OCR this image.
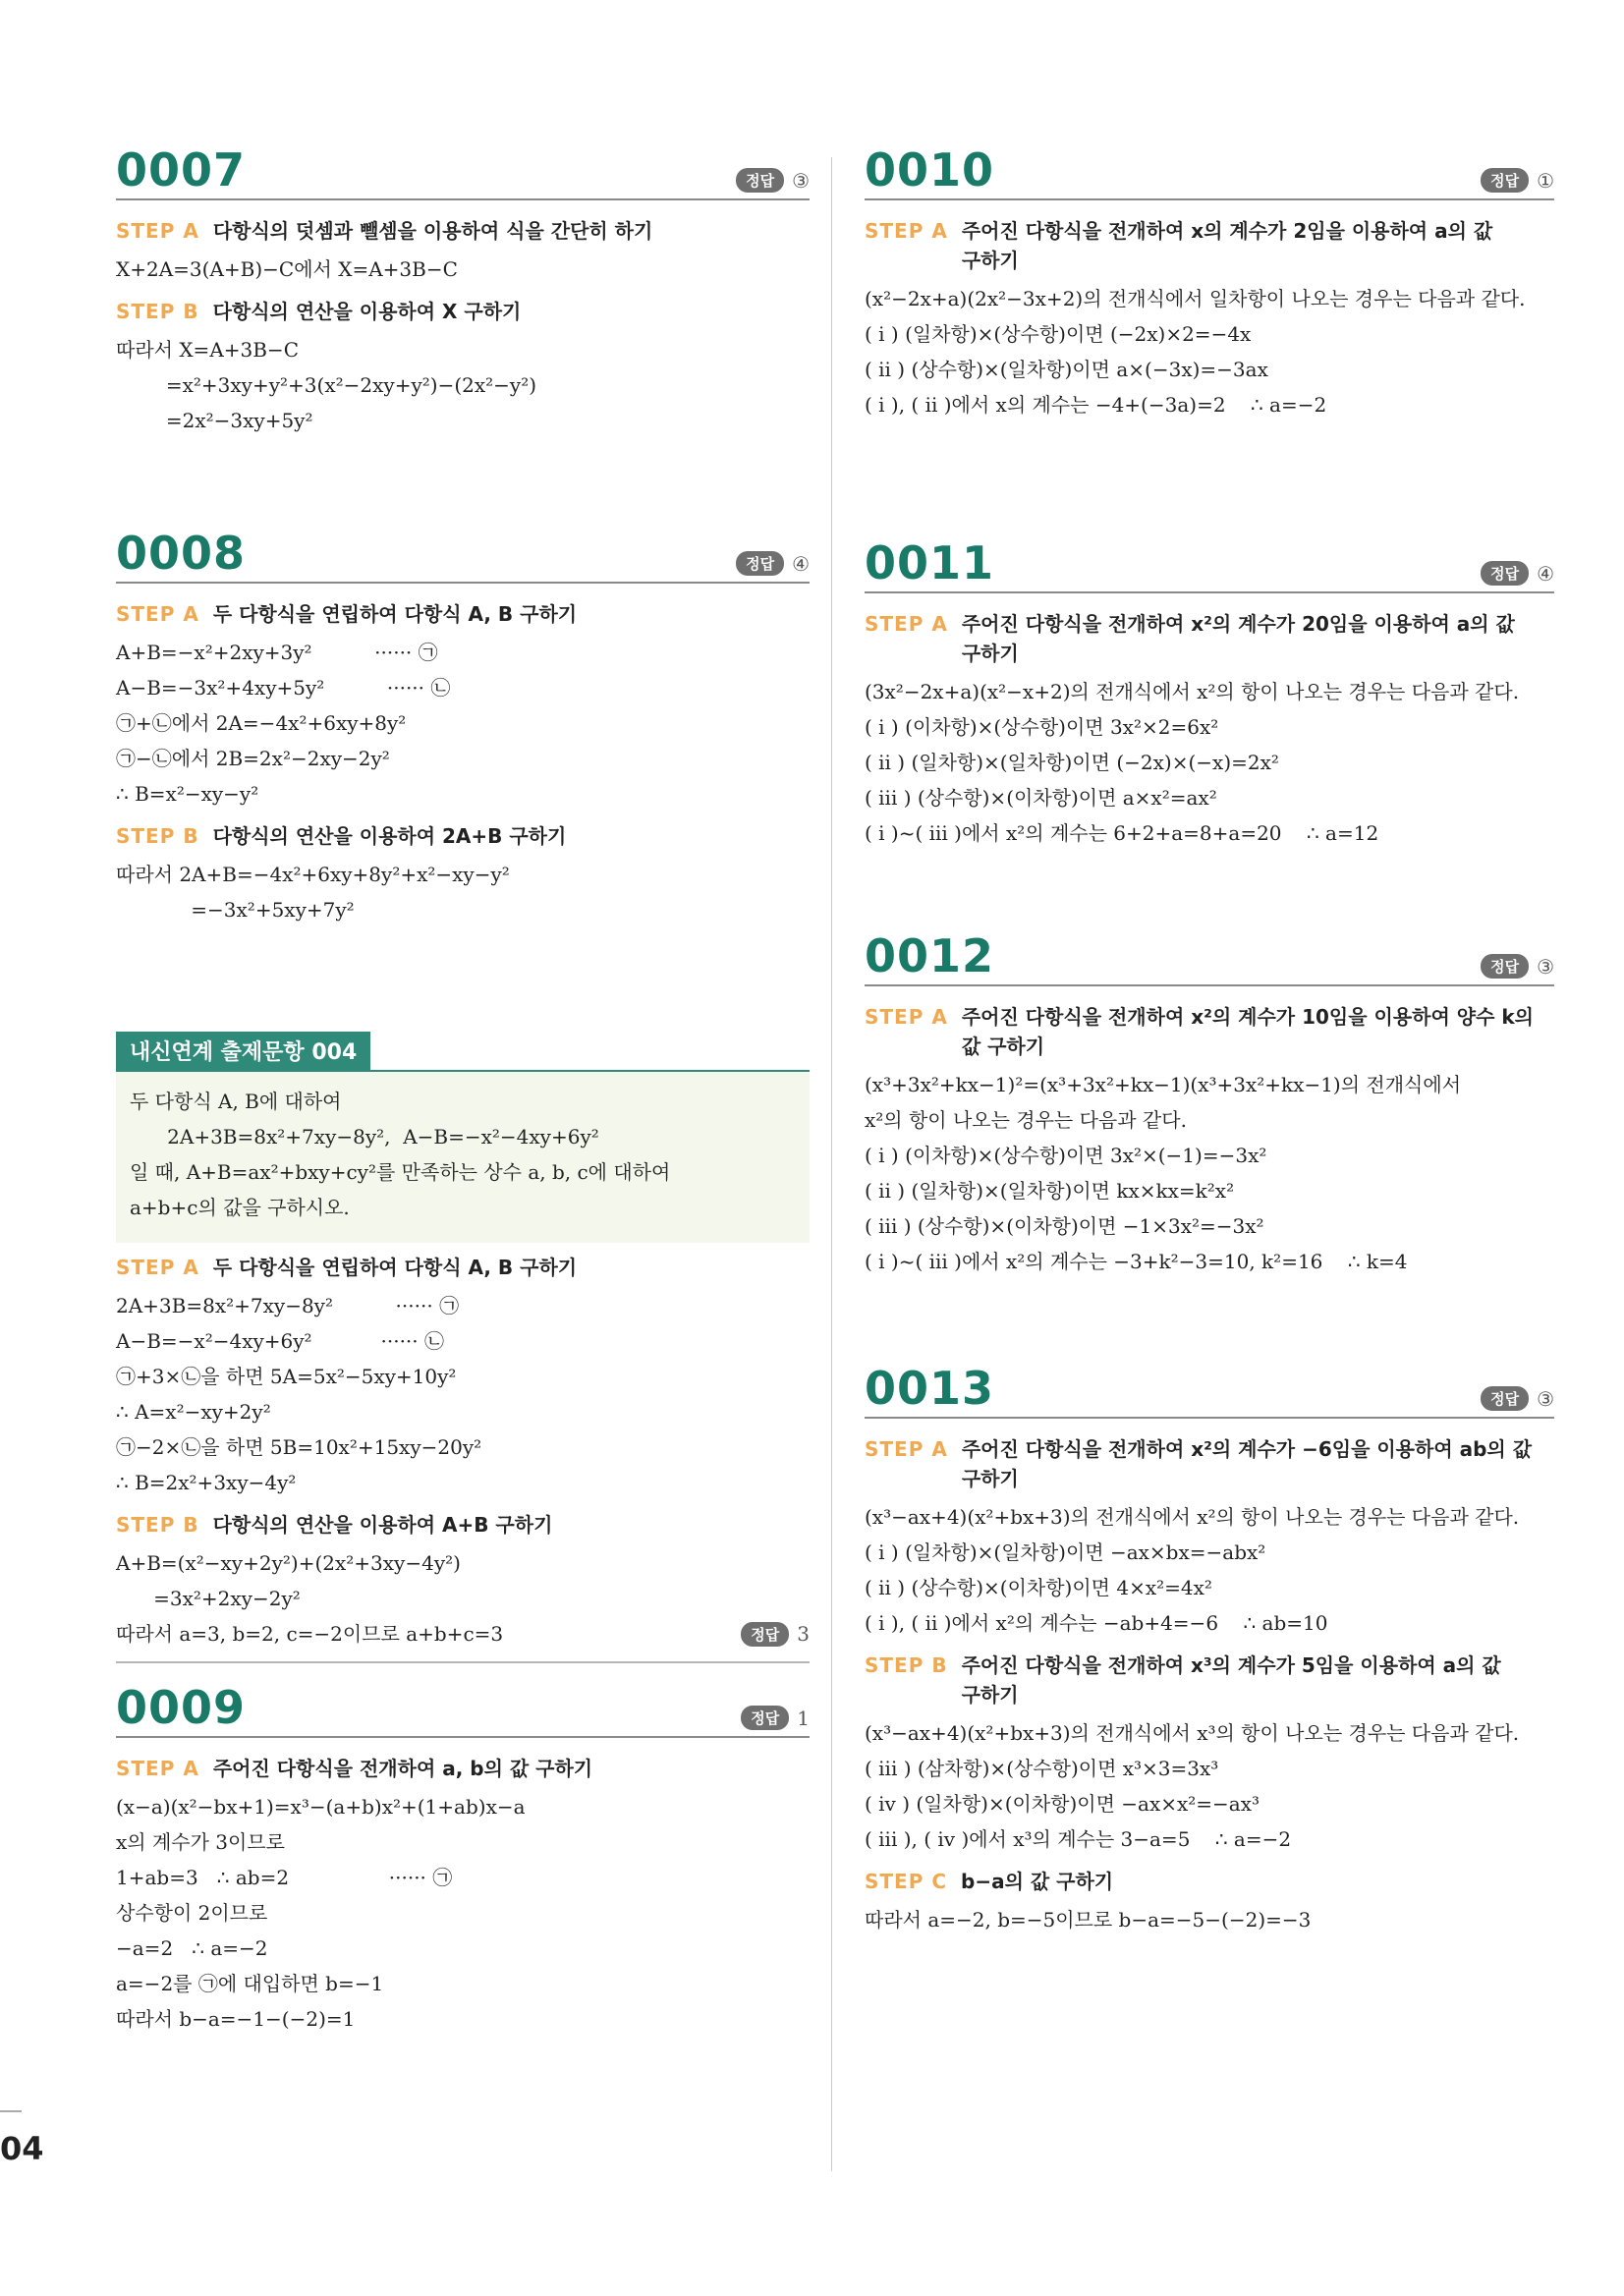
0007	정답 ③
STEP A 다항식의 덧셈과 뺄셈을 이용하여 식을 간단히 하기
X+2A=3(A+B)−C에서 X=A+3B−C
STEP B 다항식의 연산을 이용하여 X 구하기
따라서 X=A+3B−C
=x²+3xy+y²+3(x²−2xy+y²)−(2x²−y²)
=2x²−3xy+5y²
0008	정답 ④
STEP A 두 다항식을 연립하여 다항식 A, B 구하기
A+B=−x²+2xy+3y²          ······ ㉠
A−B=−3x²+4xy+5y²          ······ ㉡
㉠+㉡에서 2A=−4x²+6xy+8y²
㉠−㉡에서 2B=2x²−2xy−2y²
∴ B=x²−xy−y²
STEP B 다항식의 연산을 이용하여 2A+B 구하기
따라서 2A+B=−4x²+6xy+8y²+x²−xy−y²
=−3x²+5xy+7y²
내신연계 출제문항 004
두 다항식 A, B에 대하여
2A+3B=8x²+7xy−8y²,  A−B=−x²−4xy+6y²
일 때, A+B=ax²+bxy+cy²를 만족하는 상수 a, b, c에 대하여
a+b+c의 값을 구하시오.
STEP A 두 다항식을 연립하여 다항식 A, B 구하기
2A+3B=8x²+7xy−8y²          ······ ㉠
A−B=−x²−4xy+6y²           ······ ㉡
㉠+3×㉡을 하면 5A=5x²−5xy+10y²
∴ A=x²−xy+2y²
㉠−2×㉡을 하면 5B=10x²+15xy−20y²
∴ B=2x²+3xy−4y²
STEP B 다항식의 연산을 이용하여 A+B 구하기
A+B=(x²−xy+2y²)+(2x²+3xy−4y²)
=3x²+2xy−2y²
따라서 a=3, b=2, c=−2이므로 a+b+c=3	정답 3
0009	정답 1
STEP A 주어진 다항식을 전개하여 a, b의 값 구하기
(x−a)(x²−bx+1)=x³−(a+b)x²+(1+ab)x−a
x의 계수가 3이므로
1+ab=3   ∴ ab=2                ······ ㉠
상수항이 2이므로
−a=2   ∴ a=−2
a=−2를 ㉠에 대입하면 b=−1
따라서 b−a=−1−(−2)=1
0010	정답 ①
STEP A 주어진 다항식을 전개하여 x의 계수가 2임을 이용하여 a의 값
구하기
(x²−2x+a)(2x²−3x+2)의 전개식에서 일차항이 나오는 경우는 다음과 같다.
( i ) (일차항)×(상수항)이면 (−2x)×2=−4x
( ii ) (상수항)×(일차항)이면 a×(−3x)=−3ax
( i ), ( ii )에서 x의 계수는 −4+(−3a)=2    ∴ a=−2
0011	정답 ④
STEP A 주어진 다항식을 전개하여 x²의 계수가 20임을 이용하여 a의 값
구하기
(3x²−2x+a)(x²−x+2)의 전개식에서 x²의 항이 나오는 경우는 다음과 같다.
( i ) (이차항)×(상수항)이면 3x²×2=6x²
( ii ) (일차항)×(일차항)이면 (−2x)×(−x)=2x²
( iii ) (상수항)×(이차항)이면 a×x²=ax²
( i )~( iii )에서 x²의 계수는 6+2+a=8+a=20    ∴ a=12
0012	정답 ③
STEP A 주어진 다항식을 전개하여 x²의 계수가 10임을 이용하여 양수 k의
값 구하기
(x³+3x²+kx−1)²=(x³+3x²+kx−1)(x³+3x²+kx−1)의 전개식에서
x²의 항이 나오는 경우는 다음과 같다.
( i ) (이차항)×(상수항)이면 3x²×(−1)=−3x²
( ii ) (일차항)×(일차항)이면 kx×kx=k²x²
( iii ) (상수항)×(이차항)이면 −1×3x²=−3x²
( i )~( iii )에서 x²의 계수는 −3+k²−3=10, k²=16    ∴ k=4
0013	정답 ③
STEP A 주어진 다항식을 전개하여 x²의 계수가 −6임을 이용하여 ab의 값
구하기
(x³−ax+4)(x²+bx+3)의 전개식에서 x²의 항이 나오는 경우는 다음과 같다.
( i ) (일차항)×(일차항)이면 −ax×bx=−abx²
( ii ) (상수항)×(이차항)이면 4×x²=4x²
( i ), ( ii )에서 x²의 계수는 −ab+4=−6    ∴ ab=10
STEP B 주어진 다항식을 전개하여 x³의 계수가 5임을 이용하여 a의 값
구하기
(x³−ax+4)(x²+bx+3)의 전개식에서 x³의 항이 나오는 경우는 다음과 같다.
( iii ) (삼차항)×(상수항)이면 x³×3=3x³
( iv ) (일차항)×(이차항)이면 −ax×x²=−ax³
( iii ), ( iv )에서 x³의 계수는 3−a=5    ∴ a=−2
STEP C b−a의 값 구하기
따라서 a=−2, b=−5이므로 b−a=−5−(−2)=−3
04
